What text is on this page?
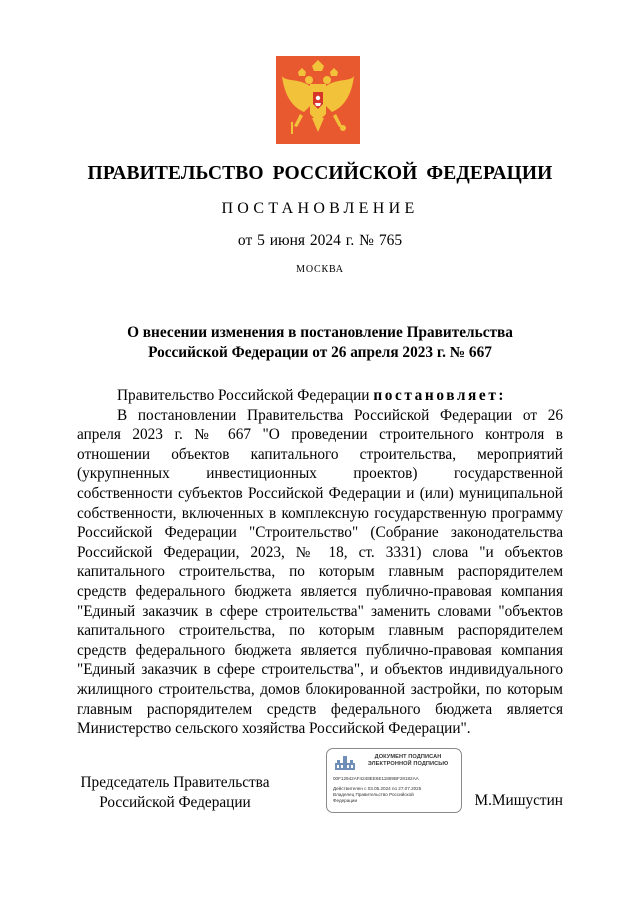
ПРАВИТЕЛЬСТВО РОССИЙСКОЙ ФЕДЕРАЦИИ
ПОСТАНОВЛЕНИЕ
от 5 июня 2024 г. № 765
МОСКВА
О внесении изменения в постановление Правительства
Российской Федерации от 26 апреля 2023 г. № 667

Правительство Российской Федерации постановляет:

В постановлении Правительства Российской Федерации от 26 апреля 2023 г. № 667 "О проведении строительного контроля в отношении объектов капитального строительства, мероприятий (укрупненных инвестиционных проектов) государственной собственности субъектов Российской Федерации и (или) муниципальной собственности, включенных в комплексную государственную программу Российской Федерации "Строительство" (Собрание законодательства Российской Федерации, 2023, № 18, ст. 3331) слова "и объектов капитального строительства, по которым главным распорядителем средств федерального бюджета является публично-правовая компания "Единый заказчик в сфере строительства" заменить словами "объектов капитального строительства, по которым главным распорядителем средств федерального бюджета является публично-правовая компания "Единый заказчик в сфере строительства", и объектов индивидуального жилищного строительства, домов блокированной застройки, по которым главным распорядителем средств федерального бюджета является Министерство сельского хозяйства Российской Федерации".

Председатель Правительства
Российской Федерации
ДОКУМЕНТ ПОДПИСАН
ЭЛЕКТРОННОЙ ПОДПИСЬЮ
00F12942AF4248EE6E11889BF28182AA
Действителен с 03.05.2024 по 27.07.2025
Владелец Правительство Российской
Федерации	М.Мишустин
